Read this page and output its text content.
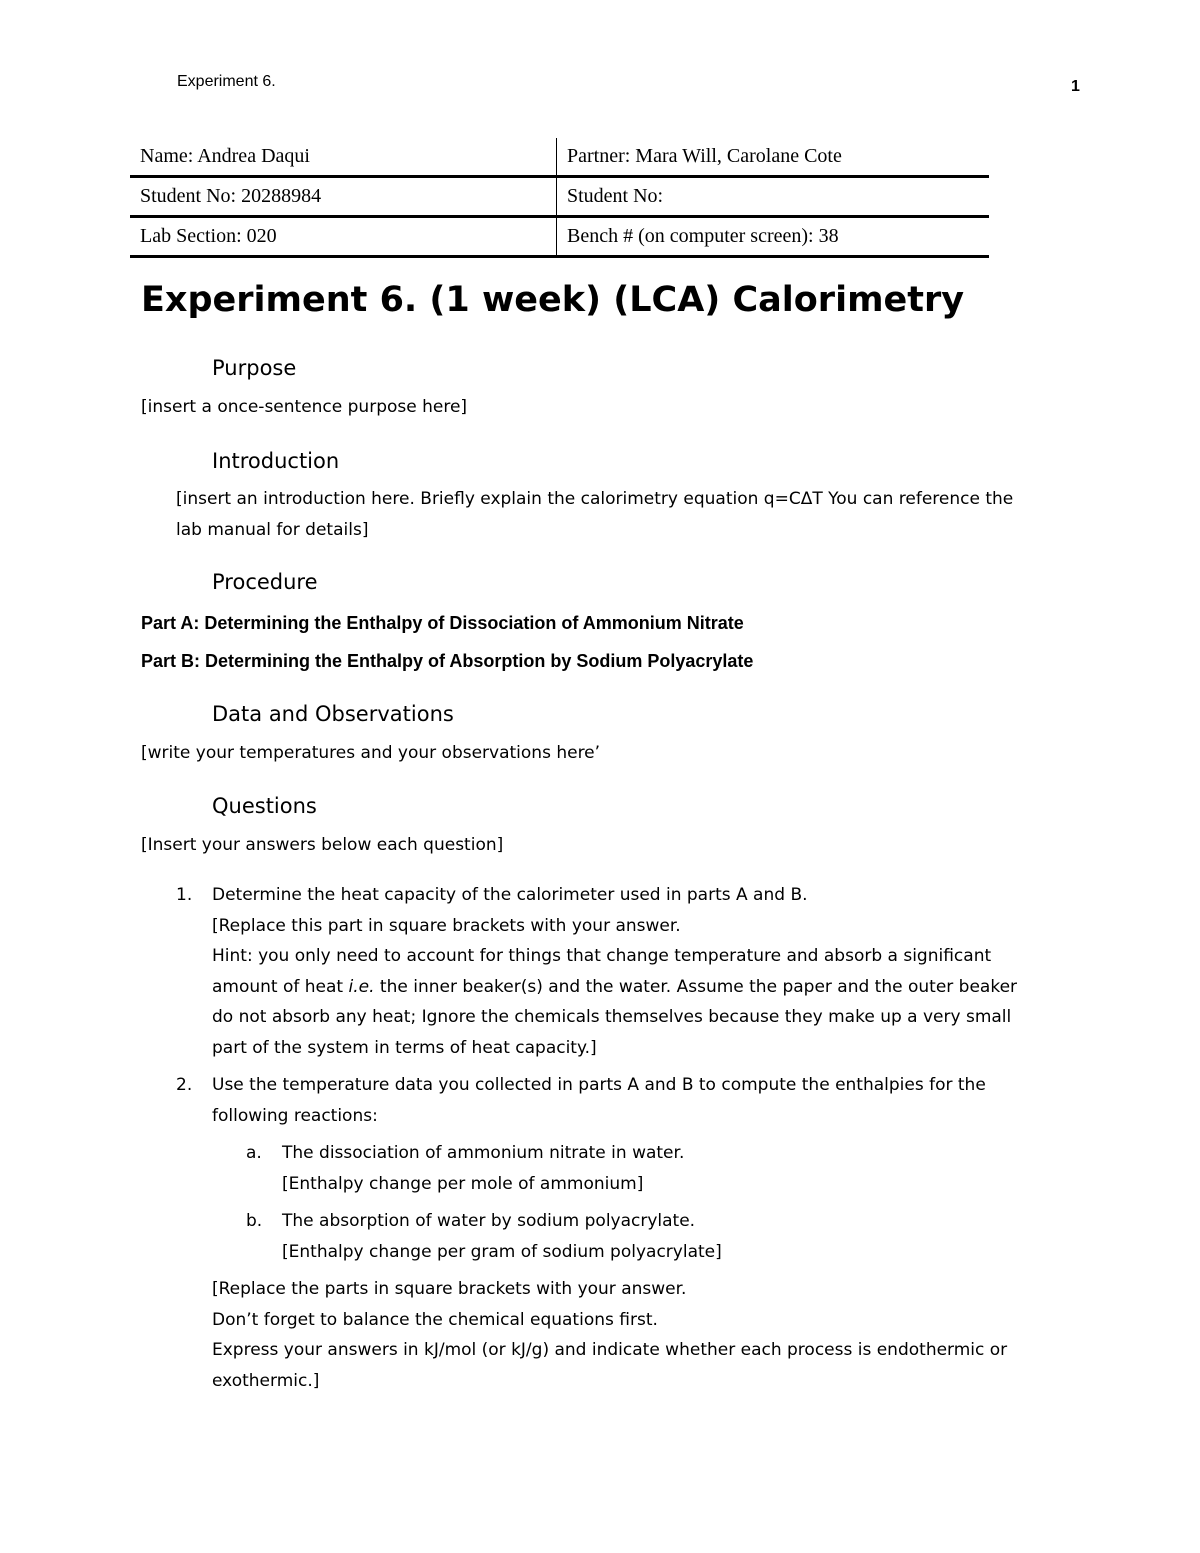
Experiment 6.	1
Name: Andrea Daqui	Partner: Mara Will, Carolane Cote
Student No: 20288984	Student No:
Lab Section: 020	Bench # (on computer screen): 38
Experiment 6. (1 week) (LCA) Calorimetry
Purpose

[insert a once-sentence purpose here]

Introduction
[insert an introduction here. Briefly explain the calorimetry equation q=CΔT You can reference the
lab manual for details]
Procedure

Part A: Determining the Enthalpy of Dissociation of Ammonium Nitrate

Part B: Determining the Enthalpy of Absorption by Sodium Polyacrylate

Data and Observations

[write your temperatures and your observations here’

Questions

[Insert your answers below each question]

1. Determine the heat capacity of the calorimeter used in parts A and B.
[Replace this part in square brackets with your answer.
Hint: you only need to account for things that change temperature and absorb a significant
amount of heat i.e. the inner beaker(s) and the water. Assume the paper and the outer beaker
do not absorb any heat; Ignore the chemicals themselves because they make up a very small
part of the system in terms of heat capacity.]
2. Use the temperature data you collected in parts A and B to compute the enthalpies for the
following reactions:
a. The dissociation of ammonium nitrate in water.
[Enthalpy change per mole of ammonium]
b. The absorption of water by sodium polyacrylate.
[Enthalpy change per gram of sodium polyacrylate]
[Replace the parts in square brackets with your answer.
Don’t forget to balance the chemical equations first.
Express your answers in kJ/mol (or kJ/g) and indicate whether each process is endothermic or
exothermic.]
